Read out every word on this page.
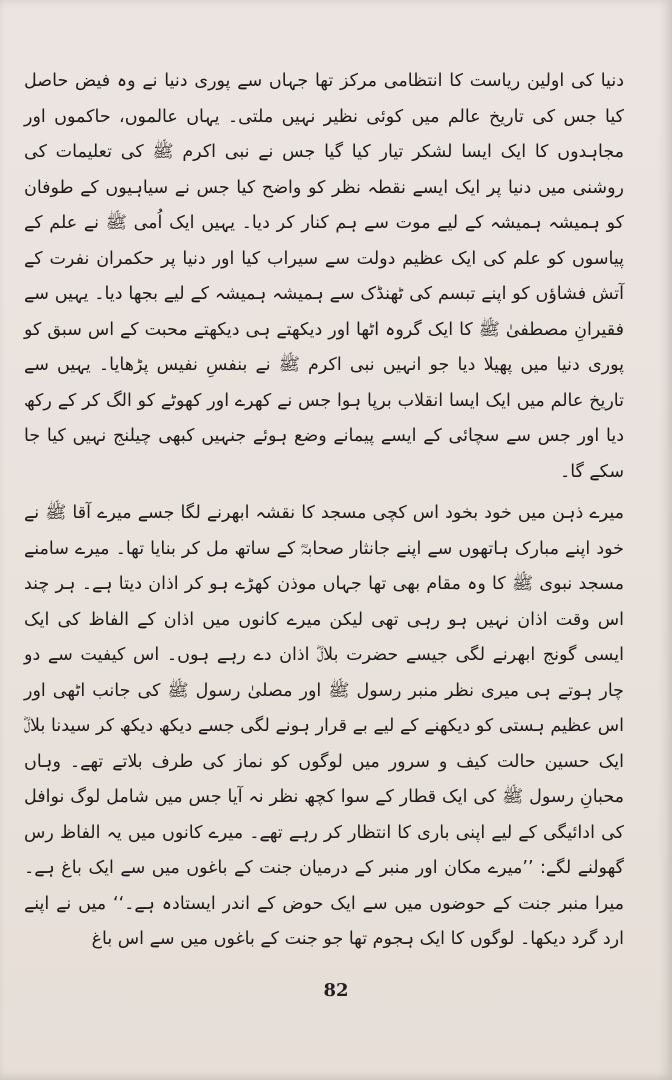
دنیا کی اولین ریاست کا انتظامی مرکز تھا جہاں سے پوری دنیا نے وہ فیض حاصل کیا جس کی تاریخ عالم میں کوئی نظیر نہیں ملتی۔ یہاں عالموں، حاکموں اور مجاہدوں کا ایک ایسا لشکر تیار کیا گیا جس نے نبی اکرم ﷺ کی تعلیمات کی روشنی میں دنیا پر ایک ایسے نقطہ نظر کو واضح کیا جس نے سیاہیوں کے طوفان کو ہمیشہ ہمیشہ کے لیے موت سے ہم کنار کر دیا۔ یہیں ایک اُمی ﷺ نے علم کے پیاسوں کو علم کی ایک عظیم دولت سے سیراب کیا اور دنیا پر حکمران نفرت کے آتش فشاؤں کو اپنے تبسم کی ٹھنڈک سے ہمیشہ ہمیشہ کے لیے بجھا دیا۔ یہیں سے فقیرانِ مصطفیٰ ﷺ کا ایک گروہ اٹھا اور دیکھتے ہی دیکھتے محبت کے اس سبق کو پوری دنیا میں پھیلا دیا جو انہیں نبی اکرم ﷺ نے بنفسِ نفیس پڑھایا۔ یہیں سے تاریخ عالم میں ایک ایسا انقلاب برپا ہوا جس نے کھرے اور کھوٹے کو الگ کر کے رکھ دیا اور جس سے سچائی کے ایسے پیمانے وضع ہوئے جنہیں کبھی چیلنج نہیں کیا جا سکے گا۔

میرے ذہن میں خود بخود اس کچی مسجد کا نقشہ ابھرنے لگا جسے میرے آقا ﷺ نے خود اپنے مبارک ہاتھوں سے اپنے جانثار صحابہؓ کے ساتھ مل کر بنایا تھا۔ میرے سامنے مسجد نبوی ﷺ کا وہ مقام بھی تھا جہاں موذن کھڑے ہو کر اذان دیتا ہے۔ ہر چند اس وقت اذان نہیں ہو رہی تھی لیکن میرے کانوں میں اذان کے الفاظ کی ایک ایسی گونج ابھرنے لگی جیسے حضرت بلالؓ اذان دے رہے ہوں۔ اس کیفیت سے دو چار ہوتے ہی میری نظر منبر رسول ﷺ اور مصلیٰ رسول ﷺ کی جانب اٹھی اور اس عظیم ہستی کو دیکھنے کے لیے بے قرار ہونے لگی جسے دیکھ دیکھ کر سیدنا بلالؓ ایک حسین حالت کیف و سرور میں لوگوں کو نماز کی طرف بلاتے تھے۔ وہاں محبانِ رسول ﷺ کی ایک قطار کے سوا کچھ نظر نہ آیا جس میں شامل لوگ نوافل کی ادائیگی کے لیے اپنی باری کا انتظار کر رہے تھے۔ میرے کانوں میں یہ الفاظ رس گھولنے لگے: ’’میرے مکان اور منبر کے درمیان جنت کے باغوں میں سے ایک باغ ہے۔ میرا منبر جنت کے حوضوں میں سے ایک حوض کے اندر ایستادہ ہے۔‘‘ میں نے اپنے ارد گرد دیکھا۔ لوگوں کا ایک ہجوم تھا جو جنت کے باغوں میں سے اس باغ

82
